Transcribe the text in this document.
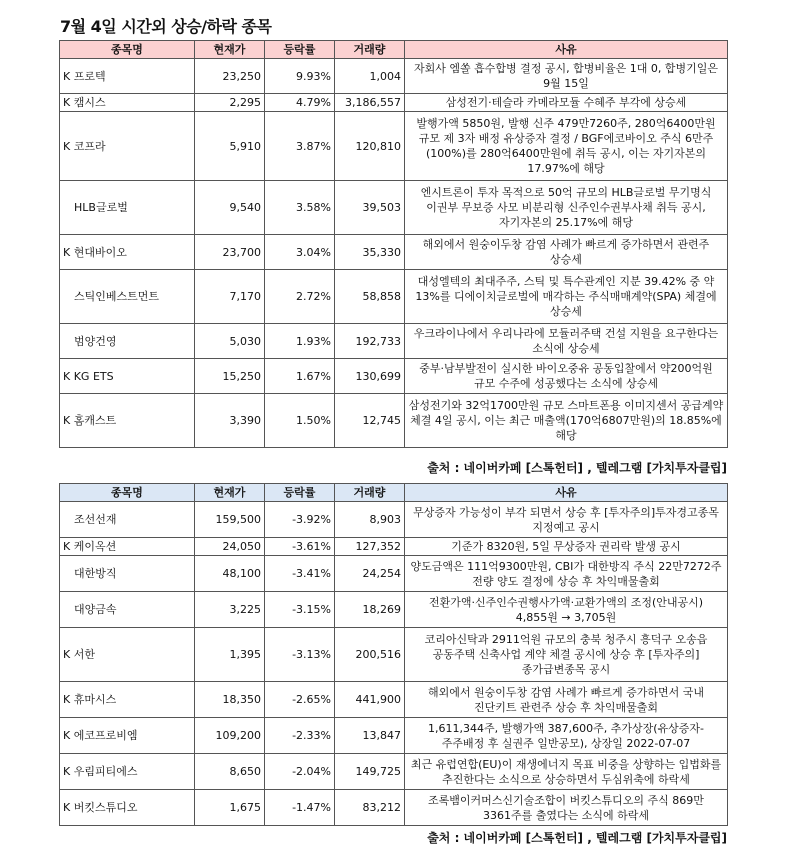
7월 4일 시간외 상승/하락 종목
종목명	현재가	등락률	거래량	사유
K 프로텍	23,250	9.93%	1,004	자회사 엠쏠 흡수합병 결정 공시, 합병비율은 1대 0, 합병기일은 9월 15일
K 캠시스	2,295	4.79%	3,186,557	삼성전기·테슬라 카메라모듈 수혜주 부각에 상승세
K 코프라	5,910	3.87%	120,810	발행가액 5850원, 발행 신주 479만7260주, 280억6400만원 규모 제 3자 배정 유상증자 결정 / BGF에코바이오 주식 6만주(100%)를 280억6400만원에 취득 공시, 이는 자기자본의 17.97%에 해당
HLB글로벌	9,540	3.58%	39,503	엔시트론이 투자 목적으로 50억 규모의 HLB글로벌 무기명식 이권부 무보증 사모 비분리형 신주인수권부사채 취득 공시, 자기자본의 25.17%에 해당
K 현대바이오	23,700	3.04%	35,330	해외에서 원숭이두창 감염 사례가 빠르게 증가하면서 관련주 상승세
스틱인베스트먼트	7,170	2.72%	58,858	대성엘텍의 최대주주, 스틱 및 특수관계인 지분 39.42% 중 약 13%를 디에이치글로벌에 매각하는 주식매매계약(SPA) 체결에 상승세
범양건영	5,030	1.93%	192,733	우크라이나에서 우리나라에 모듈러주택 건설 지원을 요구한다는 소식에 상승세
K KG ETS	15,250	1.67%	130,699	중부·남부발전이 실시한 바이오중유 공동입찰에서 약200억원 규모 수주에 성공했다는 소식에 상승세
K 홈캐스트	3,390	1.50%	12,745	삼성전기와 32억1700만원 규모 스마트폰용 이미지센서 공급계약 체결 4일 공시, 이는 최근 매출액(170억6807만원)의 18.85%에 해당
출처 : 네이버카페 [스톡헌터] , 텔레그램 [가치투자클립]
종목명	현재가	등락률	거래량	사유
조선선재	159,500	-3.92%	8,903	무상증자 가능성이 부각 되면서 상승 후 [투자주의]투자경고종목 지정예고 공시
K 케이옥션	24,050	-3.61%	127,352	기준가 8320원, 5일 무상증자 권리락 발생 공시
대한방직	48,100	-3.41%	24,254	양도금액은 111억9300만원, CBI가 대한방직 주식 22만7272주 전량 양도 결정에 상승 후 차익매물출회
대양금속	3,225	-3.15%	18,269	전환가액·신주인수권행사가액·교환가액의 조정(안내공시) 4,855원 → 3,705원
K 서한	1,395	-3.13%	200,516	코리아신탁과 2911억원 규모의 충북 청주시 흥덕구 오송읍 공동주택 신축사업 계약 체결 공시에 상승 후 [투자주의]종가급변종목 공시
K 휴마시스	18,350	-2.65%	441,900	해외에서 원숭이두창 감염 사례가 빠르게 증가하면서 국내 진단키트 관련주 상승 후 차익매물출회
K 에코프로비엠	109,200	-2.33%	13,847	1,611,344주, 발행가액 387,600주, 추가상장(유상증자-주주배정 후 실권주 일반공모), 상장일 2022-07-07
K 우림피티에스	8,650	-2.04%	149,725	최근 유럽연합(EU)이 재생에너지 목표 비중을 상향하는 입법화를 추진한다는 소식으로 상승하면서 두심위축에 하락세
K 버킷스튜디오	1,675	-1.47%	83,212	조록뱀이커머스신기술조합이 버킷스튜디오의 주식 869만 3361주를 출였다는 소식에 하락세
출처 : 네이버카페 [스톡헌터] , 텔레그램 [가치투자클립]
